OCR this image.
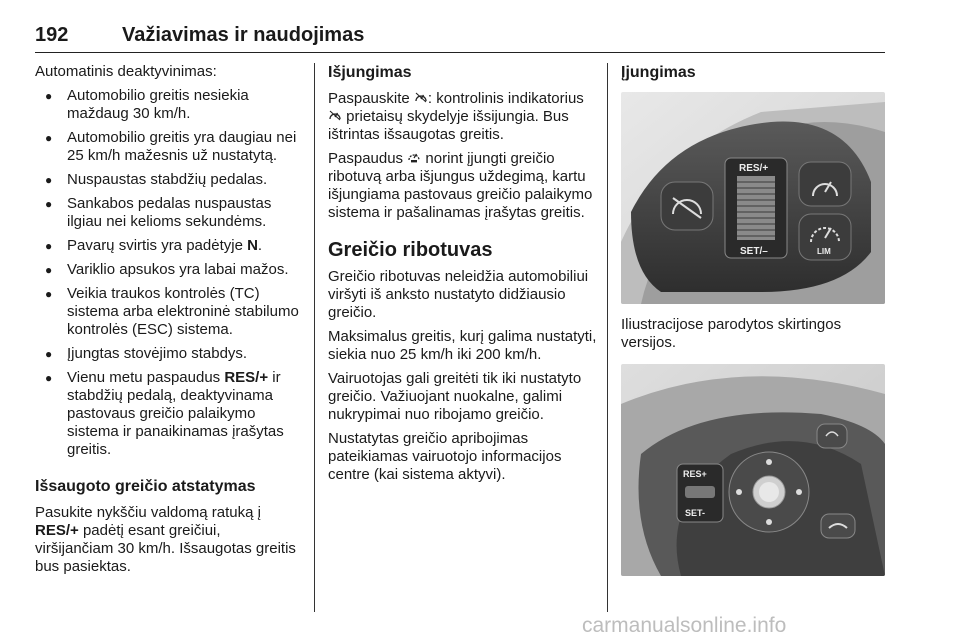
192	Važiavimas ir naudojimas

Automatinis deaktyvinimas:

● Automobilio greitis nesiekia maždaug 30 km/h.
● Automobilio greitis yra daugiau nei 25 km/h mažesnis už nustatytą.
● Nuspaustas stabdžių pedalas.
● Sankabos pedalas nuspaustas ilgiau nei kelioms sekundėms.
● Pavarų svirtis yra padėtyje N.
● Variklio apsukos yra labai mažos.
● Veikia traukos kontrolės (TC) sistema arba elektroninė stabilumo kontrolės (ESC) sistema.
● Įjungtas stovėjimo stabdys.
● Vienu metu paspaudus RES/+ ir stabdžių pedalą, deaktyvinama pastovaus greičio palaikymo sistema ir panaikinamas įrašytas greitis.
Išsaugoto greičio atstatymas

Pasukite nykščiu valdomą ratuką į RES/+ padėtį esant greičiui, viršijančiam 30 km/h. Išsaugotas greitis bus pasiektas.

Išjungimas

Paspauskite : kontrolinis indikatorius  prietaisų skydelyje išsijungia. Bus ištrintas išsaugotas greitis.

Paspaudus  norint įjungti greičio ribotuvą arba išjungus uždegimą, kartu išjungiama pastovaus greičio palaikymo sistema ir pašalinamas įrašytas greitis.

Greičio ribotuvas

Greičio ribotuvas neleidžia automobiliui viršyti iš anksto nustatyto didžiausio greičio.

Maksimalus greitis, kurį galima nustatyti, siekia nuo 25 km/h iki 200 km/h.

Vairuotojas gali greitėti tik iki nustatyto greičio. Važiuojant nuokalne, galimi nukrypimai nuo ribojamo greičio.

Nustatytas greičio apribojimas pateikiamas vairuotojo informacijos centre (kai sistema aktyvi).

Įjungimas
RES/+
SET/–	LIM

Iliustracijose parodytos skirtingos versijos.

RES+
SET-
carmanualsonline.info
